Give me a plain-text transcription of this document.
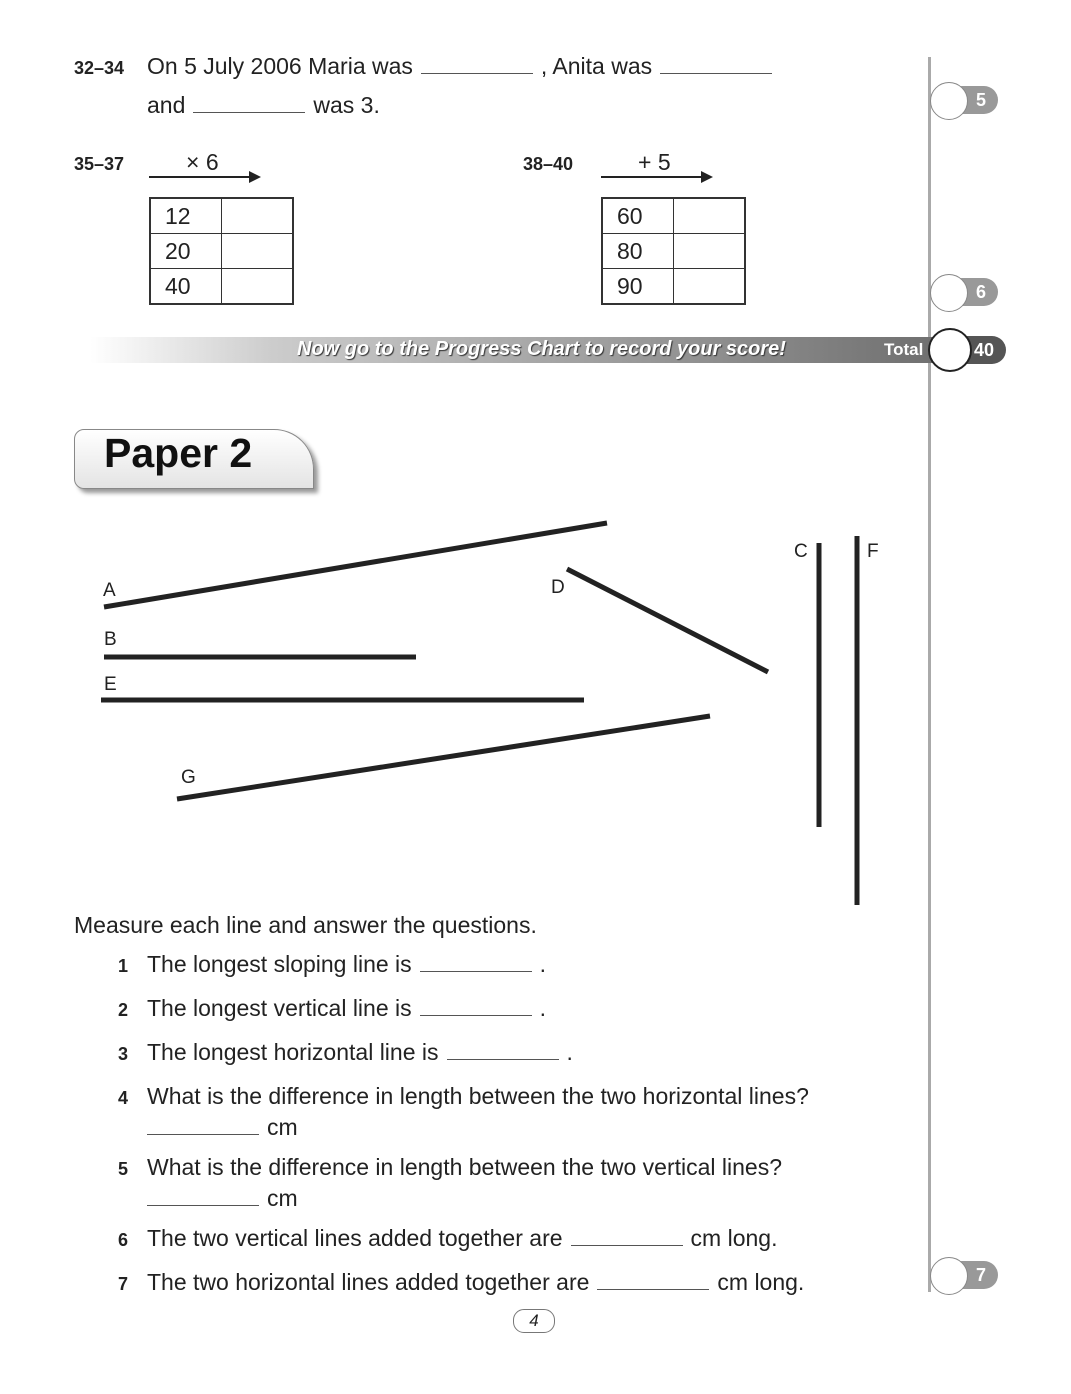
32–34 On 5 July 2006 Maria was	, Anita was
and	was 3.
35–37	× 6
12	
20	
40	
38–40	+ 5
60	
80	
90	
5
6
Now go to the Progress Chart to record your score!	Total	40
Paper 2
A
B
C
D
E
F
G
Measure each line and answer the questions.
1 The longest sloping line is	.
2 The longest vertical line is	.
3 The longest horizontal line is	.
4 What is the difference in length between the two horizontal lines?
cm
5 What is the difference in length between the two vertical lines?
cm
6 The two vertical lines added together are	cm long.
7 The two horizontal lines added together are	cm long.	7
4
